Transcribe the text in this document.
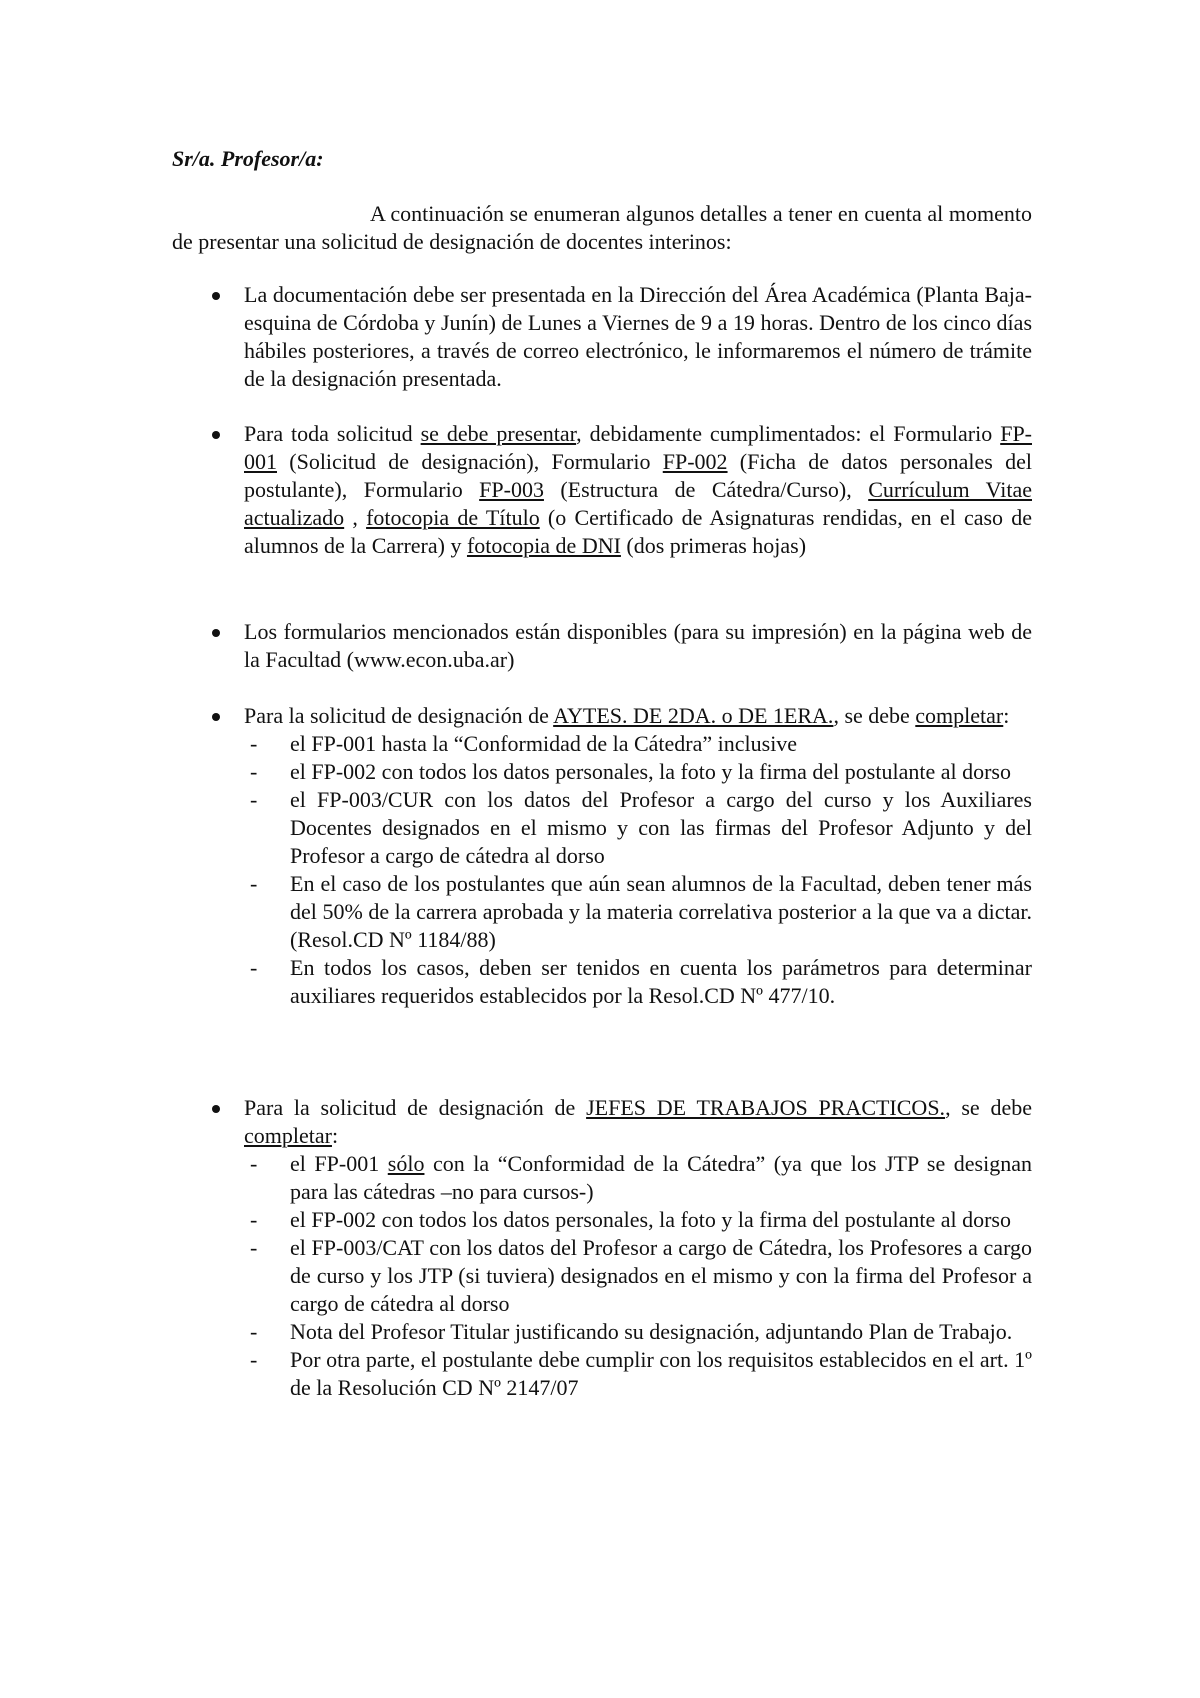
Sr/a. Profesor/a:
A continuación se enumeran algunos detalles a tener en cuenta al momento de presentar una solicitud de designación de docentes interinos:
La documentación debe ser presentada en la Dirección del Área Académica (Planta Baja-esquina de Córdoba y Junín) de Lunes a Viernes de 9 a 19 horas. Dentro de los cinco días hábiles posteriores, a través de correo electrónico, le informaremos el número de trámite de la designación presentada.
Para toda solicitud se debe presentar, debidamente cumplimentados: el Formulario FP-001 (Solicitud de designación), Formulario FP-002 (Ficha de datos personales del postulante), Formulario FP-003 (Estructura de Cátedra/Curso), Currículum Vitae actualizado , fotocopia de Título (o Certificado de Asignaturas rendidas, en el caso de alumnos de la Carrera) y fotocopia de DNI (dos primeras hojas)
Los formularios mencionados están disponibles (para su impresión) en la página web de la Facultad (www.econ.uba.ar)
Para la solicitud de designación de AYTES. DE 2DA. o DE 1ERA., se debe completar:
- el FP-001 hasta la “Conformidad de la Cátedra” inclusive
- el FP-002 con todos los datos personales, la foto y la firma del postulante al dorso
- el FP-003/CUR con los datos del Profesor a cargo del curso y los Auxiliares Docentes designados en el mismo y con las firmas del Profesor Adjunto y del Profesor a cargo de cátedra al dorso
- En el caso de los postulantes que aún sean alumnos de la Facultad, deben tener más del 50% de la carrera aprobada y la materia correlativa posterior a la que va a dictar.(Resol.CD Nº 1184/88)
- En todos los casos, deben ser tenidos en cuenta los parámetros para determinar auxiliares requeridos establecidos por la Resol.CD Nº 477/10.
Para la solicitud de designación de JEFES DE TRABAJOS PRACTICOS., se debe completar:
- el FP-001 sólo con la “Conformidad de la Cátedra” (ya que los JTP se designan para las cátedras –no para cursos-)
- el FP-002 con todos los datos personales, la foto y la firma del postulante al dorso
- el FP-003/CAT con los datos del Profesor a cargo de Cátedra, los Profesores a cargo de curso y los JTP (si tuviera) designados en el mismo y con la firma del Profesor a cargo de cátedra al dorso
- Nota del Profesor Titular justificando su designación, adjuntando Plan de Trabajo.
- Por otra parte, el postulante debe cumplir con los requisitos establecidos en el art. 1º de la Resolución CD Nº 2147/07
